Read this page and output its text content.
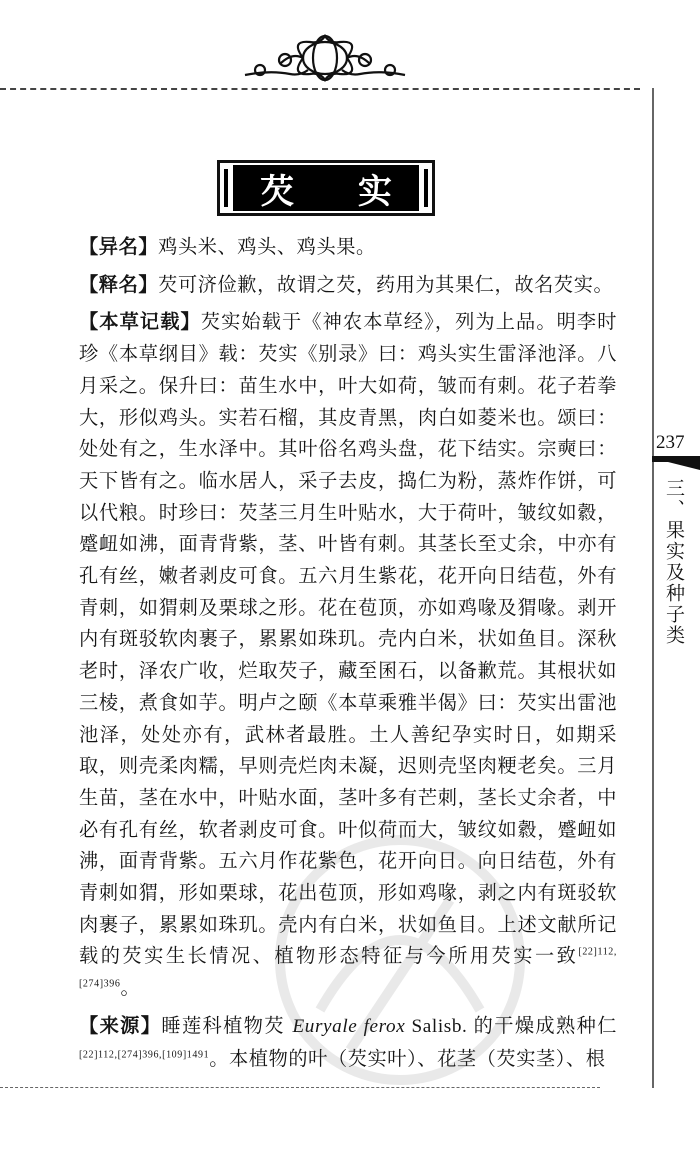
237
三、果实及种子类
芡 实

【异名】鸡头米、鸡头、鸡头果。

【释名】芡可济俭歉，故谓之芡，药用为其果仁，故名芡实。

【本草记载】芡实始载于《神农本草经》，列为上品。明李时珍《本草纲目》载：芡实《别录》曰：鸡头实生雷泽池泽。八月采之。保升曰：苗生水中，叶大如荷，皱而有刺。花子若拳大，形似鸡头。实若石榴，其皮青黑，肉白如菱米也。颂曰：处处有之，生水泽中。其叶俗名鸡头盘，花下结实。宗奭曰：天下皆有之。临水居人，采子去皮，捣仁为粉，蒸炸作饼，可以代粮。时珍曰：芡茎三月生叶贴水，大于荷叶，皱纹如縠，蹙衄如沸，面青背紫，茎、叶皆有刺。其茎长至丈余，中亦有孔有丝，嫩者剥皮可食。五六月生紫花，花开向日结苞，外有青刺，如猬刺及栗球之形。花在苞顶，亦如鸡喙及猬喙。剥开内有斑驳软肉裹子，累累如珠玑。壳内白米，状如鱼目。深秋老时，泽农广收，烂取芡子，藏至囷石，以备歉荒。其根状如三棱，煮食如芋。明卢之颐《本草乘雅半偈》曰：芡实出雷池池泽，处处亦有，武林者最胜。土人善纪孕实时日，如期采取，则壳柔肉糯，早则壳烂肉未凝，迟则壳坚肉粳老矣。三月生苗，茎在水中，叶贴水面，茎叶多有芒刺，茎长丈余者，中必有孔有丝，软者剥皮可食。叶似荷而大，皱纹如縠，蹙衄如沸，面青背紫。五六月作花紫色，花开向日。向日结苞，外有青刺如猬，形如栗球，花出苞顶，形如鸡喙，剥之内有斑驳软肉裹子，累累如珠玑。壳内有白米，状如鱼目。上述文献所记载的芡实生长情况、植物形态特征与今所用芡实一致$^{[22]112,[274]396}$。

【来源】睡莲科植物芡 Euryale ferox Salisb. 的干燥成熟种仁$^{[22]112,[274]396,[109]1491}$。本植物的叶（芡实叶）、花茎（芡实茎）、根
